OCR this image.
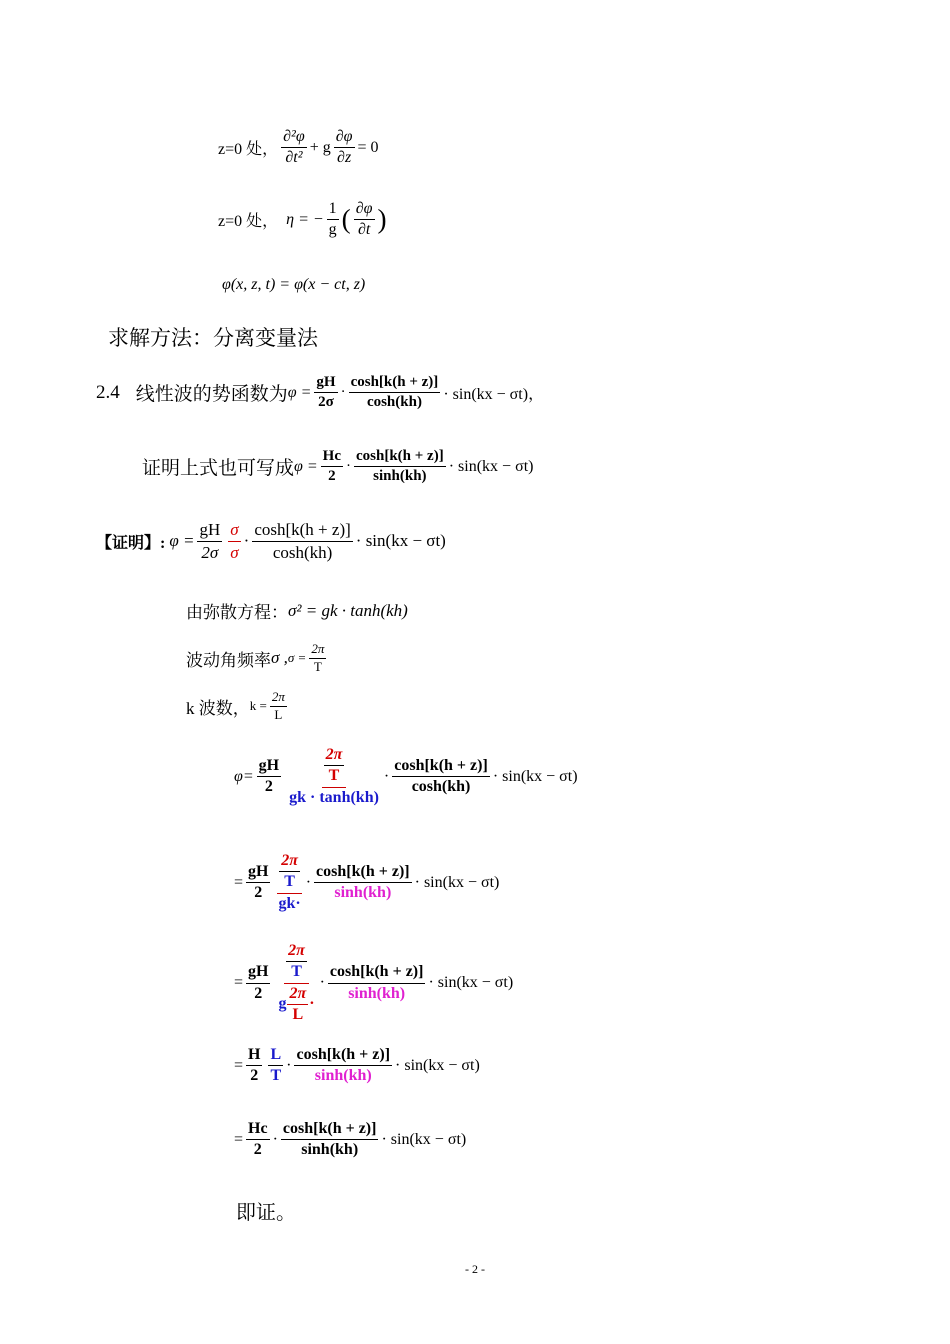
z=0 处， $\frac{\text{∂²φ}}{\text{∂t²}} + g \frac{\partial\varphi}{\partial z} = 0$
z=0 处， η = − $\frac{1}{g}$ ( $\frac{\partial\varphi}{\partial t}$ )
φ(x, z, t) = φ(x − ct, z)
求解方法：分离变量法
2.4 线性波的势函数为 $\varphi = \frac{gH}{2\sigma} \cdot \frac{\cosh[k(h + z)]}{\cosh(kh)} \cdot \sin(kx - \sigma t)$，
证明上式也可写成 $\varphi = \frac{Hc}{2} \cdot \frac{\cosh[k(h + z)]}{\sinh(kh)} \cdot \sin(kx - \sigma t)$
【证明】: $\varphi = \frac{gH}{2\sigma} \frac{\sigma}{\sigma} \cdot \frac{\cosh[k(h + z)]}{\cosh(kh)} \cdot \sin(kx - \sigma t)$
由弥散方程： σ² = gk · tanh(kh)
波动角频率 σ , $\sigma = \frac{2\pi}{T}$
k 波数， $k = \frac{2\pi}{L}$
$\varphi= \frac{gH}{2} \frac{\frac{2\pi}{T}}{gk \cdot \tanh(kh)} \cdot \frac{\cosh[k(h + z)]}{\cosh(kh)} \cdot \sin(kx - \sigma t)$
= $\frac{gH}{2} \frac{\frac{2\pi}{T}}{gk\cdot} \cdot \frac{\cosh[k(h + z)]}{\sinh(kh)} \cdot \sin(kx - \sigma t)$
= $\frac{gH}{2} \frac{\frac{2\pi}{T}}{g \frac{2\pi}{L} \cdot} \cdot \frac{\cosh[k(h + z)]}{\sinh(kh)} \cdot \sin(kx - \sigma t)$
= $\frac{H}{2} \frac{L}{T} \cdot \frac{\cosh[k(h + z)]}{\sinh(kh)} \cdot \sin(kx - \sigma t)$
= $\frac{Hc}{2} \cdot \frac{\cosh[k(h + z)]}{\sinh(kh)} \cdot \sin(kx - \sigma t)$
即证。
- 2 -
